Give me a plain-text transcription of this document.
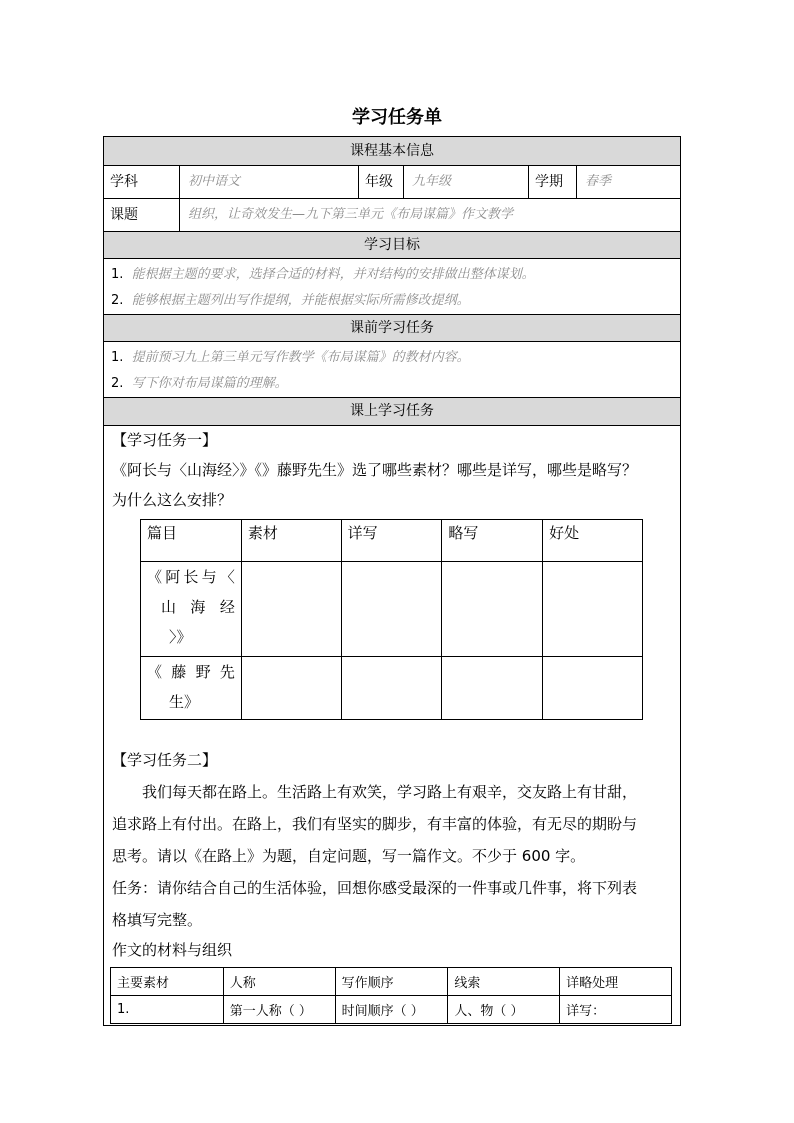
学习任务单
课程基本信息
学科	初中语文	年级	九年级	学期	春季
课题	组织，让奇效发生—九下第三单元《布局谋篇》作文教学
学习目标
1. 能根据主题的要求，选择合适的材料，并对结构的安排做出整体谋划。
2. 能够根据主题列出写作提纲，并能根据实际所需修改提纲。
课前学习任务
1. 提前预习九上第三单元写作教学《布局谋篇》的教材内容。
2. 写下你对布局谋篇的理解。
课上学习任务
【学习任务一】
《阿长与〈山海经〉》《》藤野先生》选了哪些素材？哪些是详写，哪些是略写？
为什么这么安排？
篇目	素材	详写	略写	好处

《阿长与〈
山海经
〉》				

《藤野先
生》				

【学习任务二】
我们每天都在路上。生活路上有欢笑，学习路上有艰辛，交友路上有甘甜，
追求路上有付出。在路上，我们有坚实的脚步，有丰富的体验，有无尽的期盼与
思考。请以《在路上》为题，自定问题，写一篇作文。不少于 600 字。
任务：请你结合自己的生活体验，回想你感受最深的一件事或几件事，将下列表
格填写完整。
作文的材料与组织
主要素材	人称	写作顺序	线索	详略处理
1.	第一人称（ ）	时间顺序（ ）	人、物（ ）	详写：
